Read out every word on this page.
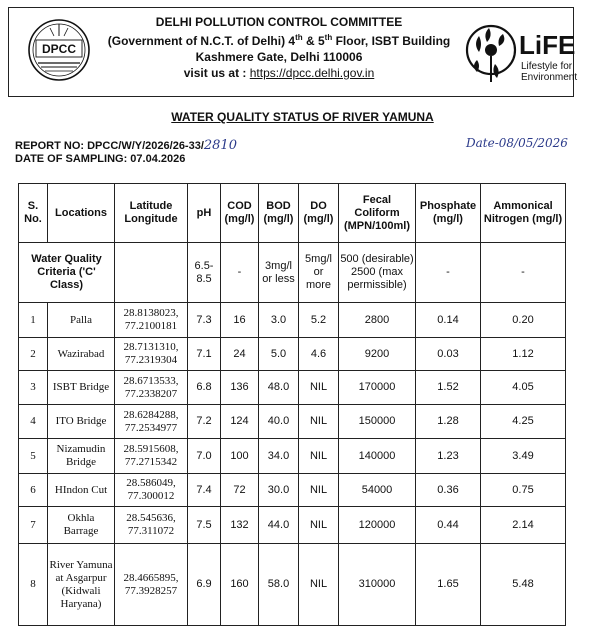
DPCC
DELHI POLLUTION CONTROL COMMITTEE
(Government of N.C.T. of Delhi) 4th & 5th Floor, ISBT Building
Kashmere Gate, Delhi 110006
visit us at : https://dpcc.delhi.gov.in
LiFE
Lifestyle for
Environment
WATER QUALITY STATUS OF RIVER YAMUNA
REPORT NO: DPCC/W/Y/2026/26-33/2810
DATE OF SAMPLING: 07.04.2026
Date-08/05/2026
S. No.	Locations	Latitude Longitude	pH	COD (mg/l)	BOD (mg/l)	DO (mg/l)	Fecal Coliform (MPN/100ml)	Phosphate (mg/l)	Ammonical Nitrogen (mg/l)
Water Quality Criteria ('C' Class)			6.5-8.5	-	3mg/l or less	5mg/l or more	500 (desirable) 2500 (max permissible)	-	-
1	Palla	28.8138023, 77.2100181	7.3	16	3.0	5.2	2800	0.14	0.20
2	Wazirabad	28.7131310, 77.2319304	7.1	24	5.0	4.6	9200	0.03	1.12
3	ISBT Bridge	28.6713533, 77.2338207	6.8	136	48.0	NIL	170000	1.52	4.05
4	ITO Bridge	28.6284288, 77.2534977	7.2	124	40.0	NIL	150000	1.28	4.25
5	Nizamudin Bridge	28.5915608, 77.2715342	7.0	100	34.0	NIL	140000	1.23	3.49
6	HIndon Cut	28.586049, 77.300012	7.4	72	30.0	NIL	54000	0.36	0.75
7	Okhla Barrage	28.545636, 77.311072	7.5	132	44.0	NIL	120000	0.44	2.14
8	River Yamuna at Asgarpur (Kidwali Haryana)	28.4665895, 77.3928257	6.9	160	58.0	NIL	310000	1.65	5.48
